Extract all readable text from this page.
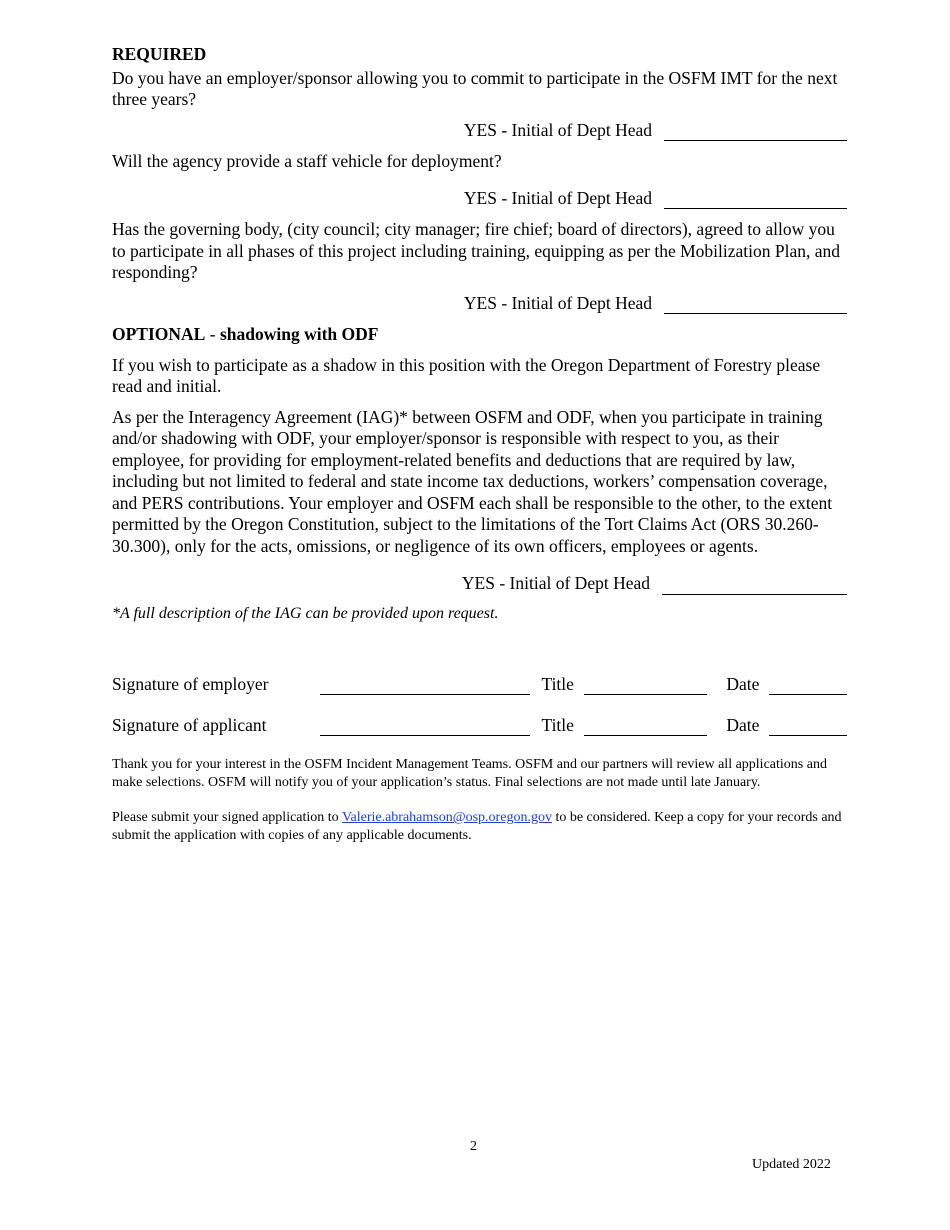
REQUIRED

Do you have an employer/sponsor allowing you to commit to participate in the OSFM IMT for the next three years?

YES - Initial of Dept Head

Will the agency provide a staff vehicle for deployment?

YES - Initial of Dept Head

Has the governing body, (city council; city manager; fire chief; board of directors), agreed to allow you to participate in all phases of this project including training, equipping as per the Mobilization Plan, and responding?

YES - Initial of Dept Head

OPTIONAL - shadowing with ODF

If you wish to participate as a shadow in this position with the Oregon Department of Forestry please read and initial.

As per the Interagency Agreement (IAG)* between OSFM and ODF, when you participate in training and/or shadowing with ODF, your employer/sponsor is responsible with respect to you, as their employee, for providing for employment-related benefits and deductions that are required by law, including but not limited to federal and state income tax deductions, workers’ compensation coverage, and PERS contributions. Your employer and OSFM each shall be responsible to the other, to the extent permitted by the Oregon Constitution, subject to the limitations of the Tort Claims Act (ORS 30.260-30.300), only for the acts, omissions, or negligence of its own officers, employees or agents.

YES - Initial of Dept Head

*A full description of the IAG can be provided upon request.

Signature of employer	Title	Date
Signature of applicant	Title	Date

Thank you for your interest in the OSFM Incident Management Teams. OSFM and our partners will review all applications and make selections. OSFM will notify you of your application’s status. Final selections are not made until late January.

Please submit your signed application to Valerie.abrahamson@osp.oregon.gov to be considered. Keep a copy for your records and submit the application with copies of any applicable documents.

2
Updated 2022
